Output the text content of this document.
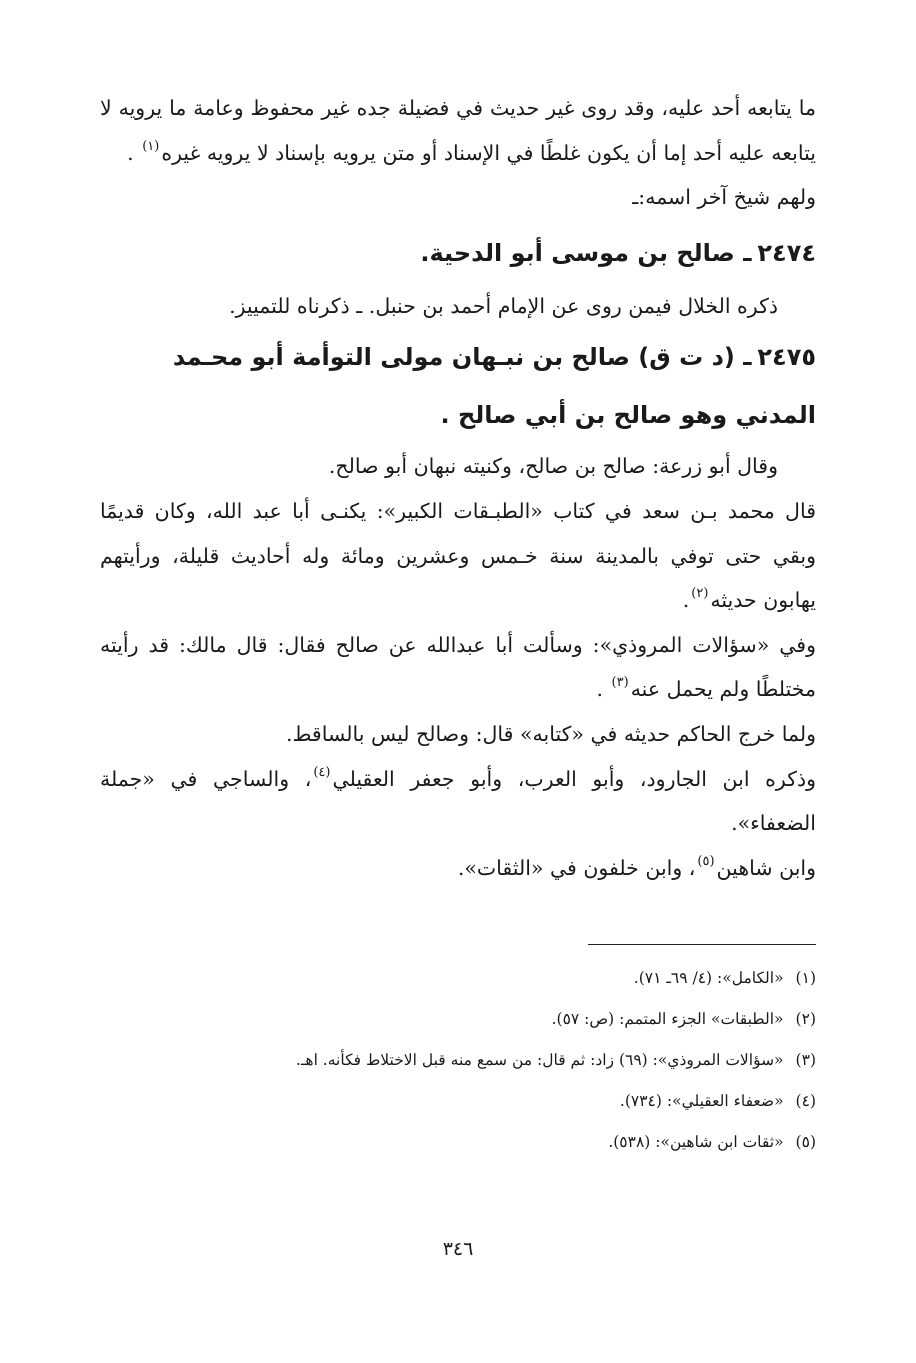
ما يتابعه أحد عليه، وقد روى غير حديث في فضيلة جده غير محفوظ وعامة ما يرويه لا يتابعه عليه أحد إما أن يكون غلطًا في الإسناد أو متن يرويه بإسناد لا يرويه غيره$^{(١)}$ .

ولهم شيخ آخر اسمه:ـ

٢٤٧٤ـ صالح بن موسى أبو الدحية.

ذكره الخلال فيمن روى عن الإمام أحمد بن حنبل. ـ ذكرناه للتمييز.

٢٤٧٥ـ (د ت ق) صالح بن نبـهان مولى التوأمة أبو محـمد المدني وهو صالح بن أبي صالح .

وقال أبو زرعة: صالح بن صالح، وكنيته نبهان أبو صالح.

قال محمد بـن سعد في كتاب «الطبـقات الكبير»: يكنـى أبا عبد الله، وكان قديمًا وبقي حتى توفي بالمدينة سنة خـمس وعشرين ومائة وله أحاديث قليلة، ورأيتهم يهابون حديثه$^{(٢)}$.

وفي «سؤالات المروذي»: وسألت أبا عبدالله عن صالح فقال: قال مالك: قد رأيته مختلطًا ولم يحمل عنه$^{(٣)}$ .

ولما خرج الحاكم حديثه في «كتابه» قال: وصالح ليس بالساقط.

وذكره ابن الجارود، وأبو العرب، وأبو جعفر العقيلي$^{(٤)}$، والساجي في «جملة الضعفاء».

وابن شاهين$^{(٥)}$، وابن خلفون في «الثقات».

(١)«الكامل»: (٤/ ٦٩ـ ٧١).

(٢)«الطبقات» الجزء المتمم: (ص: ٥٧).

(٣)«سؤالات المروذي»: (٦٩) زاد: ثم قال: من سمع منه قبل الاختلاط فكأنه. اهـ.

(٤)«ضعفاء العقيلي»: (٧٣٤).

(٥)«ثقات ابن شاهين»: (٥٣٨).

٣٤٦
